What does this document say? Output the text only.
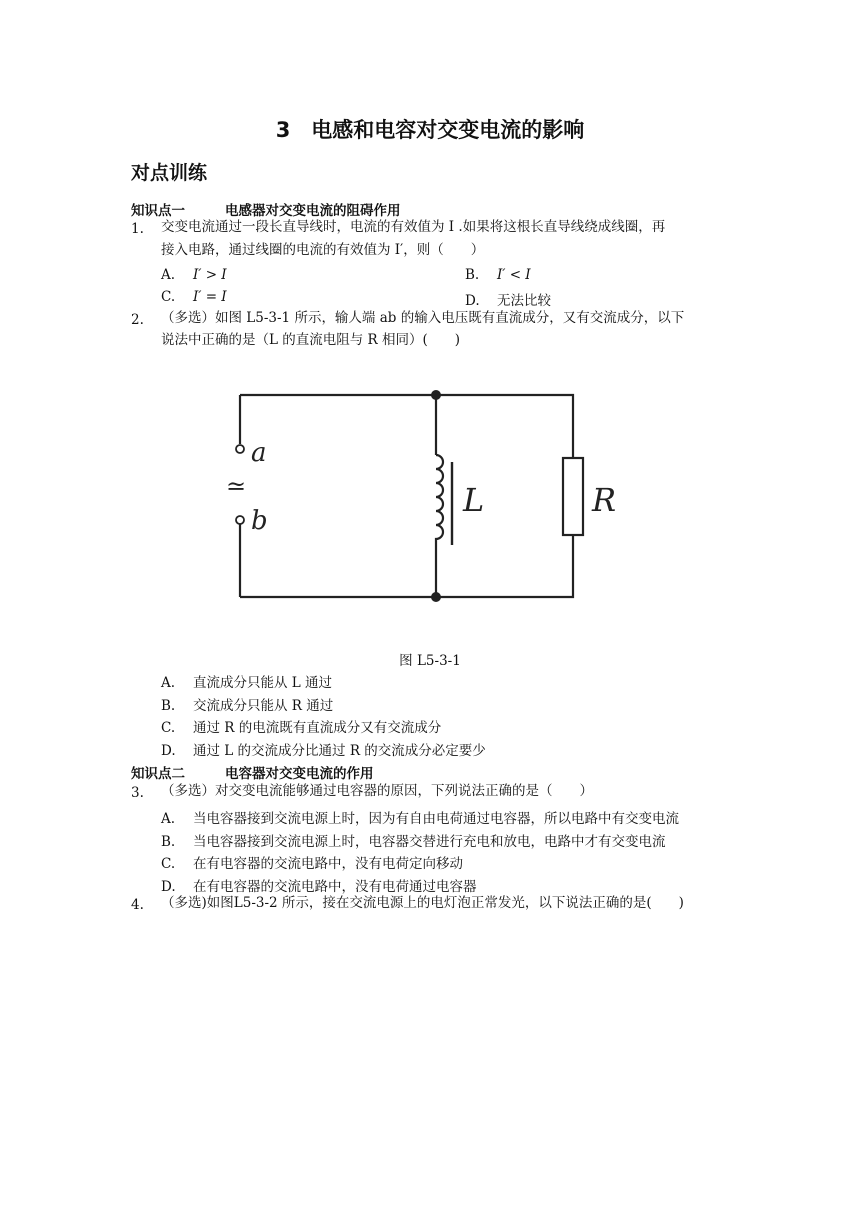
3　电感和电容对交变电流的影响
对点训练
知识点一	电感器对交变电流的阻碍作用
1. 交变电流通过一段长直导线时，电流的有效值为 I .如果将这根长直导线绕成线圈，再
接入电路，通过线圈的电流的有效值为 I′，则（　　）
A. I′ > I	B. I′ < I
C. I′ = I	D. 无法比较
2. （多选）如图 L5-3-1 所示，输人端 ab 的输入电压既有直流成分，又有交流成分，以下
说法中正确的是（L 的直流电阻与 R 相同）(　　)
a
b
≃	L	R
图 L5-3-1
A. 直流成分只能从 L 通过
B. 交流成分只能从 R 通过
C. 通过 R 的电流既有直流成分又有交流成分
D. 通过 L 的交流成分比通过 R 的交流成分必定要少
知识点二	电容器对交变电流的作用
3. （多选）对交变电流能够通过电容器的原因，下列说法正确的是（　　）
A. 当电容器接到交流电源上时，因为有自由电荷通过电容器，所以电路中有交变电流
B. 当电容器接到交流电源上时，电容器交替进行充电和放电，电路中才有交变电流
C. 在有电容器的交流电路中，没有电荷定向移动
D. 在有电容器的交流电路中，没有电荷通过电容器
4. （多选)如图L5-3-2 所示，接在交流电源上的电灯泡正常发光，以下说法正确的是(　　)
